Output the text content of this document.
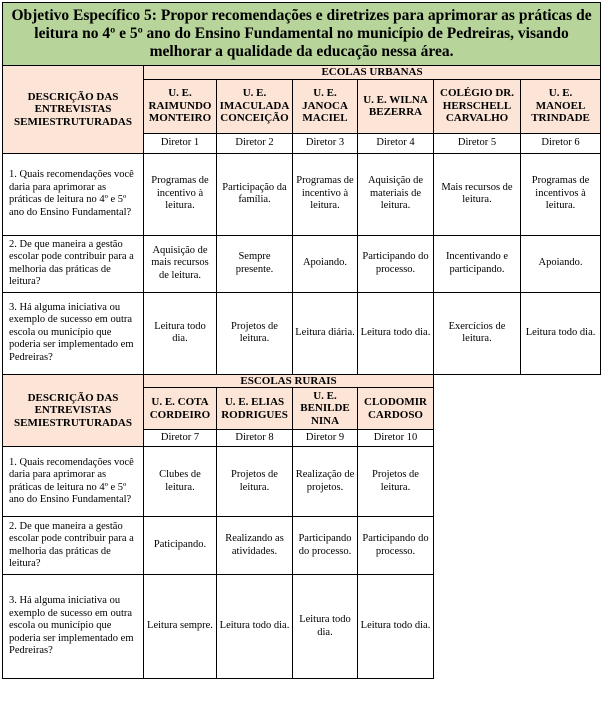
Objetivo Específico 5: Propor recomendações e diretrizes para aprimorar as práticas de leitura no 4º e 5º ano do Ensino Fundamental no município de Pedreiras, visando melhorar a qualidade da educação nessa área.						
DESCRIÇÃO DAS ENTREVISTAS SEMIESTRUTURADAS	ECOLAS URBANAS					
	U. E. RAIMUNDO MONTEIRO	U. E. IMACULADA CONCEIÇÃO	U. E. JANOCA MACIEL	U. E. WILNA BEZERRA	COLÉGIO DR. HERSCHELL CARVALHO	U. E. MANOEL TRINDADE
	Diretor 1	Diretor 2	Diretor 3	Diretor 4	Diretor 5	Diretor 6
1. Quais recomendações você daria para aprimorar as práticas de leitura no 4º e 5º ano do Ensino Fundamental?	Programas de incentivo à leitura.	Participação da família.	Programas de incentivo à leitura.	Aquisição de materiais de leitura.	Mais recursos de leitura.	Programas de incentivos à leitura.
2. De que maneira a gestão escolar pode contribuir para a melhoria das práticas de leitura?	Aquisição de mais recursos de leitura.	Sempre presente.	Apoiando.	Participando do processo.	Incentivando e participando.	Apoiando.
3. Há alguma iniciativa ou exemplo de sucesso em outra escola ou município que poderia ser implementado em Pedreiras?	Leitura todo dia.	Projetos de leitura.	Leitura diária.	Leitura todo dia.	Exercícios de leitura.	Leitura todo dia.
DESCRIÇÃO DAS ENTREVISTAS SEMIESTRUTURADAS	ESCOLAS RURAIS					
	U. E. COTA CORDEIRO	U. E. ELIAS RODRIGUES	U. E. BENILDE NINA	CLODOMIR CARDOSO		
	Diretor 7	Diretor 8	Diretor 9	Diretor 10		
1. Quais recomendações você daria para aprimorar as práticas de leitura no 4º e 5º ano do Ensino Fundamental?	Clubes de leitura.	Projetos de leitura.	Realização de projetos.	Projetos de leitura.		
2. De que maneira a gestão escolar pode contribuir para a melhoria das práticas de leitura?	Paticipando.	Realizando as atividades.	Participando do processo.	Participando do processo.		
3. Há alguma iniciativa ou exemplo de sucesso em outra escola ou município que poderia ser implementado em Pedreiras?	Leitura sempre.	Leitura todo dia.	Leitura todo dia.	Leitura todo dia.		
